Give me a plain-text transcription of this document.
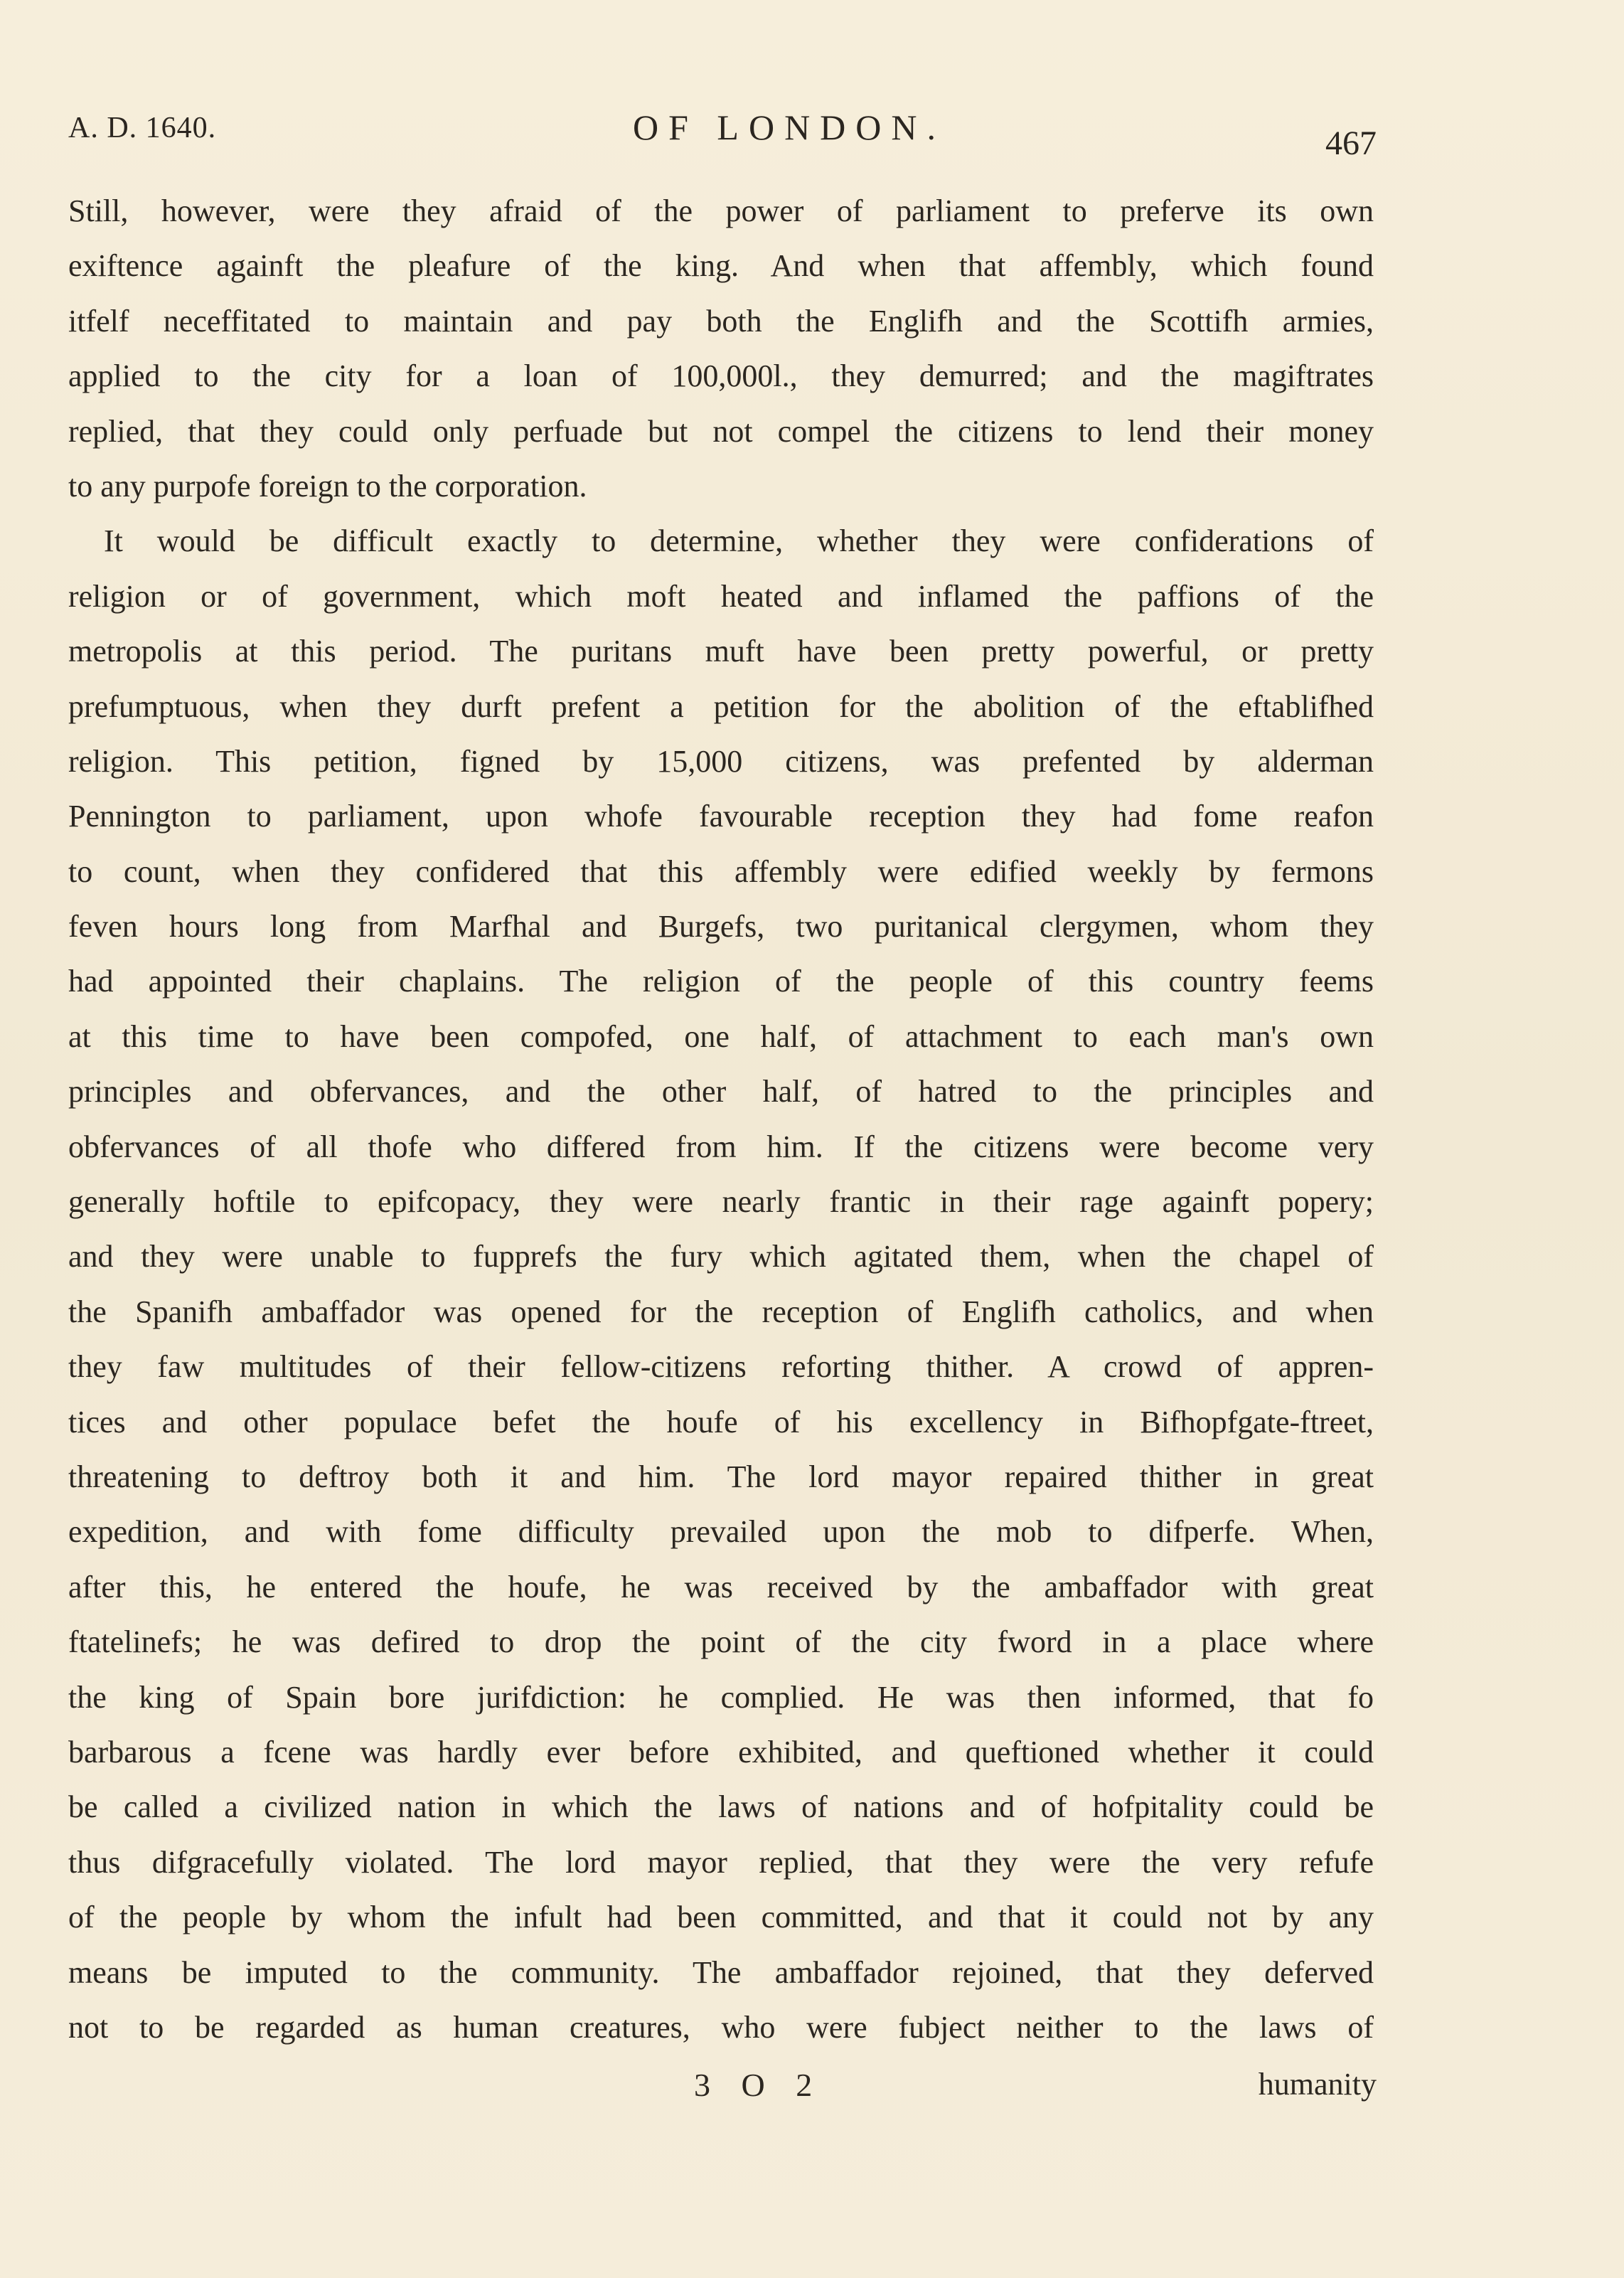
A. D. 1640.	OF LONDON.	467
Still, however, were they afraid of the power of parliament to preferve its own
exiftence againft the pleafure of the king. And when that affembly, which found
itfelf neceffitated to maintain and pay both the Englifh and the Scottifh armies,
applied to the city for a loan of 100,000l., they demurred; and the magiftrates
replied, that they could only perfuade but not compel the citizens to lend their money
to any purpofe foreign to the corporation.
It would be difficult exactly to determine, whether they were confiderations of
religion or of government, which moft heated and inflamed the paffions of the
metropolis at this period. The puritans muft have been pretty powerful, or pretty
prefumptuous, when they durft prefent a petition for the abolition of the eftablifhed
religion. This petition, figned by 15,000 citizens, was prefented by alderman
Pennington to parliament, upon whofe favourable reception they had fome reafon
to count, when they confidered that this affembly were edified weekly by fermons
feven hours long from Marfhal and Burgefs, two puritanical clergymen, whom they
had appointed their chaplains. The religion of the people of this country feems
at this time to have been compofed, one half, of attachment to each man's own
principles and obfervances, and the other half, of hatred to the principles and
obfervances of all thofe who differed from him. If the citizens were become very
generally hoftile to epifcopacy, they were nearly frantic in their rage againft popery;
and they were unable to fupprefs the fury which agitated them, when the chapel of
the Spanifh ambaffador was opened for the reception of Englifh catholics, and when
they faw multitudes of their fellow-citizens reforting thither. A crowd of appren-
tices and other populace befet the houfe of his excellency in Bifhopfgate-ftreet,
threatening to deftroy both it and him. The lord mayor repaired thither in great
expedition, and with fome difficulty prevailed upon the mob to difperfe. When,
after this, he entered the houfe, he was received by the ambaffador with great
ftatelinefs; he was defired to drop the point of the city fword in a place where
the king of Spain bore jurifdiction: he complied. He was then informed, that fo
barbarous a fcene was hardly ever before exhibited, and queftioned whether it could
be called a civilized nation in which the laws of nations and of hofpitality could be
thus difgracefully violated. The lord mayor replied, that they were the very refufe
of the people by whom the infult had been committed, and that it could not by any
means be imputed to the community. The ambaffador rejoined, that they deferved
not to be regarded as human creatures, who were fubject neither to the laws of
3 O 2	humanity
